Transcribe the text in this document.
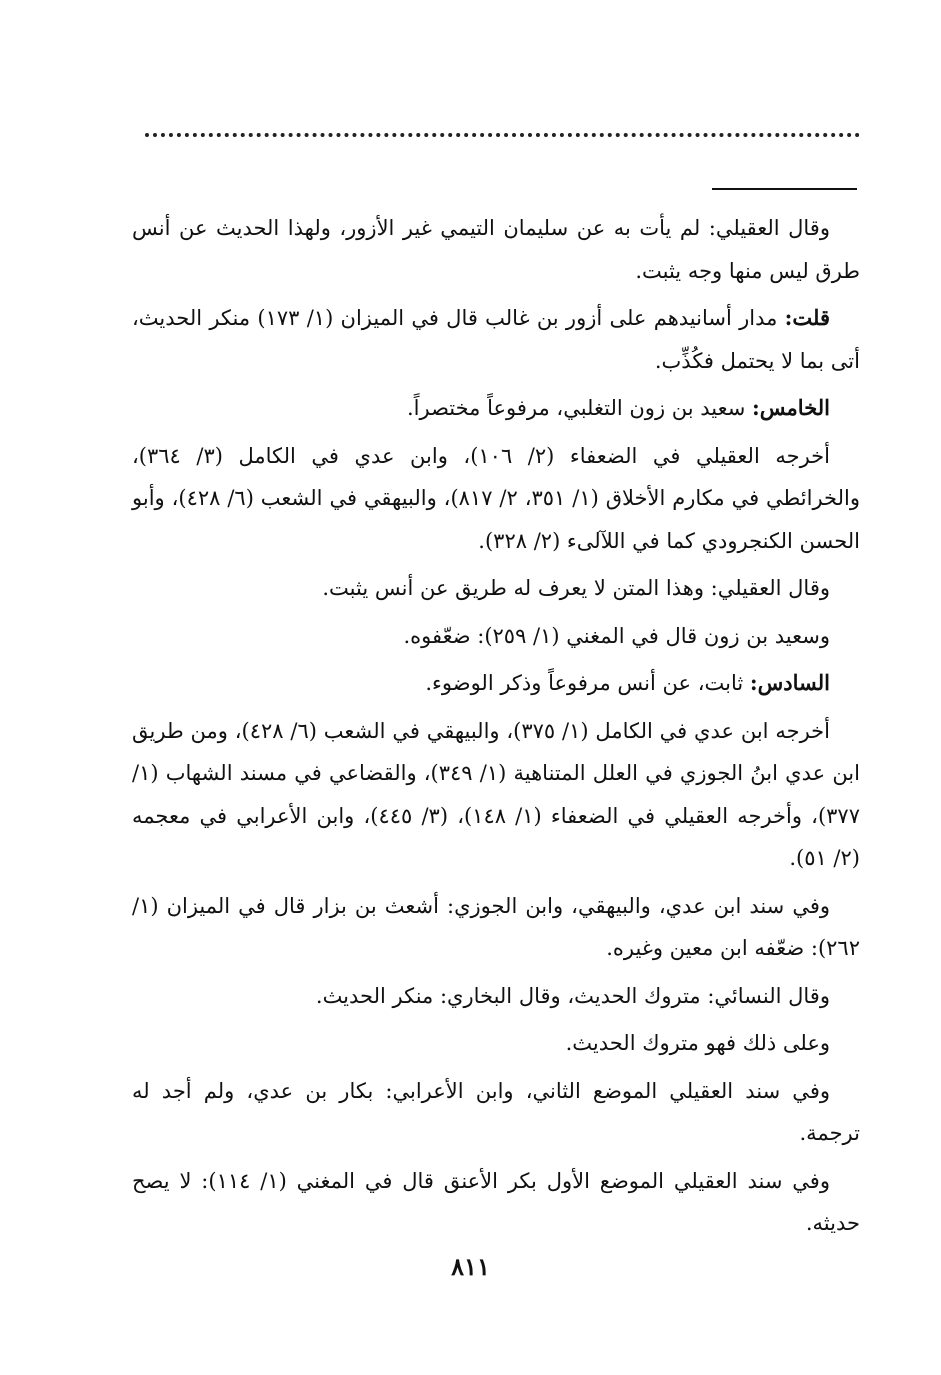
وقال العقيلي: لم يأت به عن سليمان التيمي غير الأزور، ولهذا الحديث عن أنس طرق ليس منها وجه يثبت.

قلت: مدار أسانيدهم على أزور بن غالب قال في الميزان (١/ ١٧٣) منكر الحديث، أتى بما لا يحتمل فكُذِّب.

الخامس: سعيد بن زون التغلبي، مرفوعاً مختصراً.

أخرجه العقيلي في الضعفاء (٢/ ١٠٦)، وابن عدي في الكامل (٣/ ٣٦٤)، والخرائطي في مكارم الأخلاق (١/ ٣٥١، ٢/ ٨١٧)، والبيهقي في الشعب (٦/ ٤٢٨)، وأبو الحسن الكنجرودي كما في اللآلىء (٢/ ٣٢٨).

وقال العقيلي: وهذا المتن لا يعرف له طريق عن أنس يثبت.

وسعيد بن زون قال في المغني (١/ ٢٥٩): ضعّفوه.

السادس: ثابت، عن أنس مرفوعاً وذكر الوضوء.

أخرجه ابن عدي في الكامل (١/ ٣٧٥)، والبيهقي في الشعب (٦/ ٤٢٨)، ومن طريق ابن عدي ابنُ الجوزي في العلل المتناهية (١/ ٣٤٩)، والقضاعي في مسند الشهاب (١/ ٣٧٧)، وأخرجه العقيلي في الضعفاء (١/ ١٤٨)، (٣/ ٤٤٥)، وابن الأعرابي في معجمه (٢/ ٥١).

وفي سند ابن عدي، والبيهقي، وابن الجوزي: أشعث بن بزار قال في الميزان (١/ ٢٦٢): ضعّفه ابن معين وغيره.

وقال النسائي: متروك الحديث، وقال البخاري: منكر الحديث.

وعلى ذلك فهو متروك الحديث.

وفي سند العقيلي الموضع الثاني، وابن الأعرابي: بكار بن عدي، ولم أجد له ترجمة.

وفي سند العقيلي الموضع الأول بكر الأعنق قال في المغني (١/ ١١٤): لا يصح حديثه.

٨١١
